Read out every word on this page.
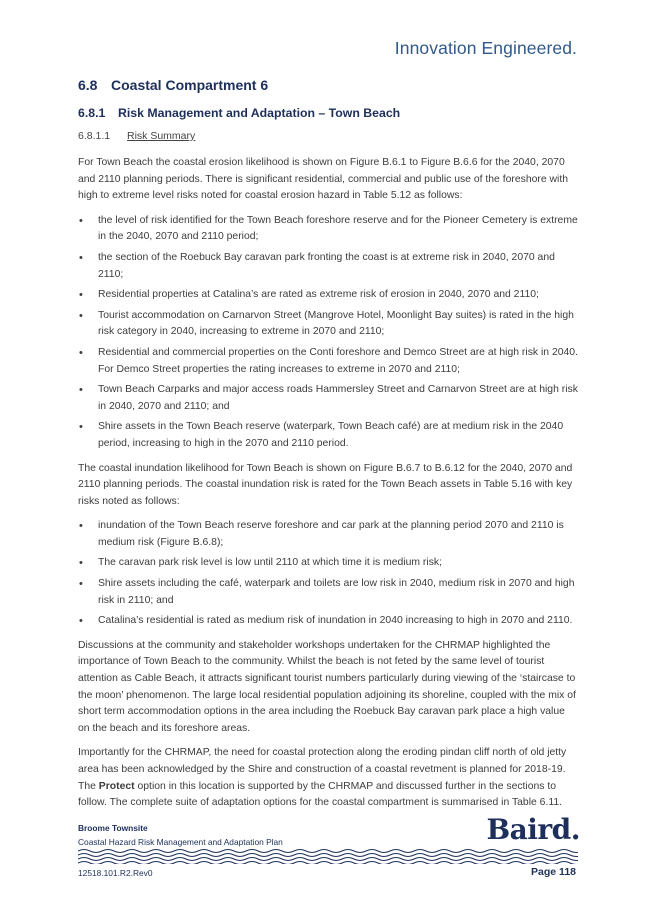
Innovation Engineered.
6.8 Coastal Compartment 6
6.8.1 Risk Management and Adaptation – Town Beach
6.8.1.1 Risk Summary

For Town Beach the coastal erosion likelihood is shown on Figure B.6.1 to Figure B.6.6 for the 2040, 2070 and 2110 planning periods. There is significant residential, commercial and public use of the foreshore with high to extreme level risks noted for coastal erosion hazard in Table 5.12 as follows:

• the level of risk identified for the Town Beach foreshore reserve and for the Pioneer Cemetery is extreme in the 2040, 2070 and 2110 period;
• the section of the Roebuck Bay caravan park fronting the coast is at extreme risk in 2040, 2070 and 2110;
• Residential properties at Catalina’s are rated as extreme risk of erosion in 2040, 2070 and 2110;
• Tourist accommodation on Carnarvon Street (Mangrove Hotel, Moonlight Bay suites) is rated in the high risk category in 2040, increasing to extreme in 2070 and 2110;
• Residential and commercial properties on the Conti foreshore and Demco Street are at high risk in 2040. For Demco Street properties the rating increases to extreme in 2070 and 2110;
• Town Beach Carparks and major access roads Hammersley Street and Carnarvon Street are at high risk in 2040, 2070 and 2110; and
• Shire assets in the Town Beach reserve (waterpark, Town Beach café) are at medium risk in the 2040 period, increasing to high in the 2070 and 2110 period.

The coastal inundation likelihood for Town Beach is shown on Figure B.6.7 to B.6.12 for the 2040, 2070 and 2110 planning periods. The coastal inundation risk is rated for the Town Beach assets in Table 5.16 with key risks noted as follows:

• inundation of the Town Beach reserve foreshore and car park at the planning period 2070 and 2110 is medium risk (Figure B.6.8);
• The caravan park risk level is low until 2110 at which time it is medium risk;
• Shire assets including the café, waterpark and toilets are low risk in 2040, medium risk in 2070 and high risk in 2110; and
• Catalina’s residential is rated as medium risk of inundation in 2040 increasing to high in 2070 and 2110.

Discussions at the community and stakeholder workshops undertaken for the CHRMAP highlighted the importance of Town Beach to the community. Whilst the beach is not feted by the same level of tourist attention as Cable Beach, it attracts significant tourist numbers particularly during viewing of the ‘staircase to the moon’ phenomenon. The large local residential population adjoining its shoreline, coupled with the mix of short term accommodation options in the area including the Roebuck Bay caravan park place a high value on the beach and its foreshore areas.

Importantly for the CHRMAP, the need for coastal protection along the eroding pindan cliff north of old jetty area has been acknowledged by the Shire and construction of a coastal revetment is planned for 2018-19. The Protect option in this location is supported by the CHRMAP and discussed further in the sections to follow. The complete suite of adaptation options for the coastal compartment is summarised in Table 6.11.

Broome Townsite
Coastal Hazard Risk Management and Adaptation Plan	Baird.
12518.101.R2.Rev0	Page 118
